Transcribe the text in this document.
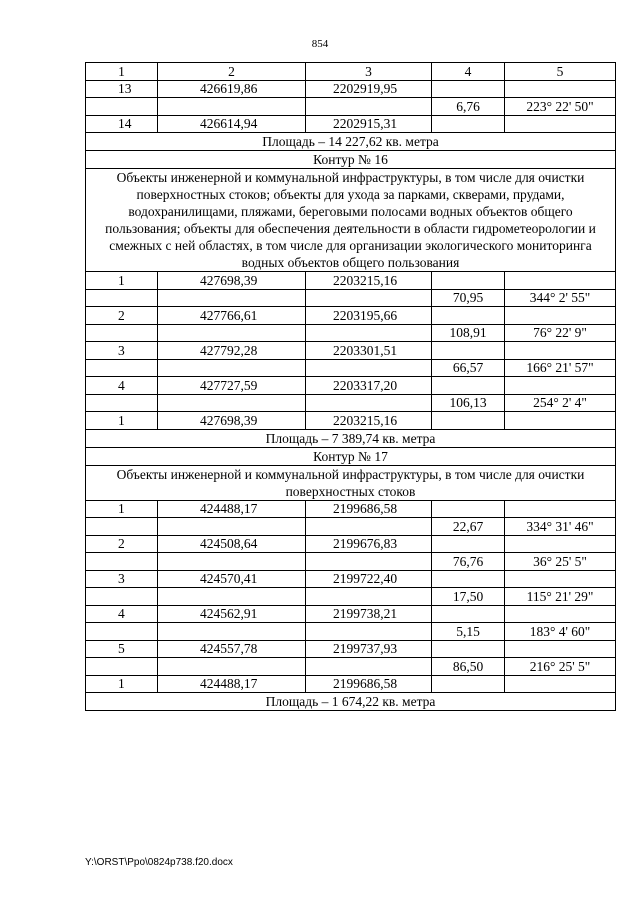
854
1	2	3	4	5
13	426619,86	2202919,95		
			6,76	223° 22' 50"
14	426614,94	2202915,31		
Площадь – 14 227,62 кв. метра				
Контур № 16				
Объекты инженерной и коммунальной инфраструктуры, в том числе для очистки поверхностных стоков; объекты для ухода за парками, скверами, прудами, водохранилищами, пляжами, береговыми полосами водных объектов общего пользования; объекты для обеспечения деятельности в области гидрометеорологии и смежных с ней областях, в том числе для организации экологического мониторинга водных объектов общего пользования				
1	427698,39	2203215,16		
			70,95	344° 2' 55"
2	427766,61	2203195,66		
			108,91	76° 22' 9"
3	427792,28	2203301,51		
			66,57	166° 21' 57"
4	427727,59	2203317,20		
			106,13	254° 2' 4"
1	427698,39	2203215,16		
Площадь – 7 389,74 кв. метра				
Контур № 17				
Объекты инженерной и коммунальной инфраструктуры, в том числе для очистки поверхностных стоков				
1	424488,17	2199686,58		
			22,67	334° 31' 46"
2	424508,64	2199676,83		
			76,76	36° 25' 5"
3	424570,41	2199722,40		
			17,50	115° 21' 29"
4	424562,91	2199738,21		
			5,15	183° 4' 60"
5	424557,78	2199737,93		
			86,50	216° 25' 5"
1	424488,17	2199686,58		
Площадь – 1 674,22 кв. метра				
Y:\ORST\Ppo\0824p738.f20.docx
